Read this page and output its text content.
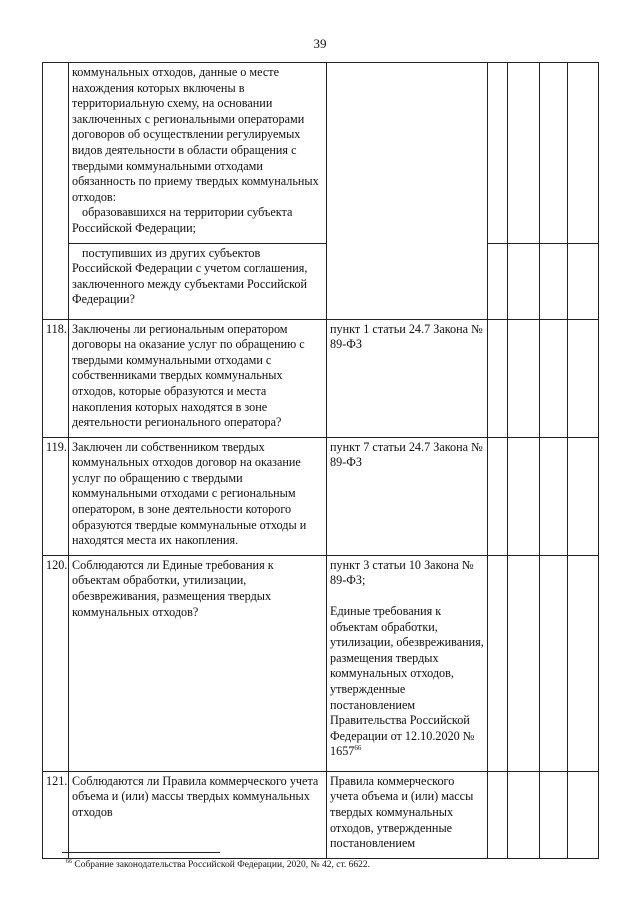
39
	коммунальных отходов, данные о месте нахождения которых включены в территориальную схему, на основании заключенных с региональными операторами договоров об осуществлении регулируемых видов деятельности в области обращения с твердыми коммунальными отходами обязанность по приему твердых коммунальных отходов:
образовавшихся на территории субъекта Российской Федерации;					

	поступивших из других субъектов Российской Федерации с учетом соглашения, заключенного между субъектами Российской Федерации?					

118.	Заключены ли региональным оператором договоры на оказание услуг по обращению с твердыми коммунальными отходами с собственниками твердых коммунальных отходов, которые образуются и места накопления которых находятся в зоне деятельности регионального оператора?	пункт 1 статьи 24.7 Закона № 89-ФЗ				
119.	Заключен ли собственником твердых коммунальных отходов договор на оказание услуг по обращению с твердыми коммунальными отходами с региональным оператором, в зоне деятельности которого образуются твердые коммунальные отходы и находятся места их накопления.	пункт 7 статьи 24.7 Закона № 89-ФЗ				
120.	Соблюдаются ли Единые требования к объектам обработки, утилизации, обезвреживания, размещения твердых коммунальных отходов?	пункт 3 статьи 10 Закона № 89-ФЗ;
Единые требования к объектам обработки, утилизации, обезвреживания, размещения твердых коммунальных отходов, утвержденные постановлением Правительства Российской Федерации от 12.10.2020 № 1657$^{66}$				
121.	Соблюдаются ли Правила коммерческого учета объема и (или) массы твердых коммунальных отходов	Правила коммерческого учета объема и (или) массы твердых коммунальных отходов, утвержденные постановлением				
$^{66}$ Собрание законодательства Российской Федерации, 2020, № 42, ст. 6622.
